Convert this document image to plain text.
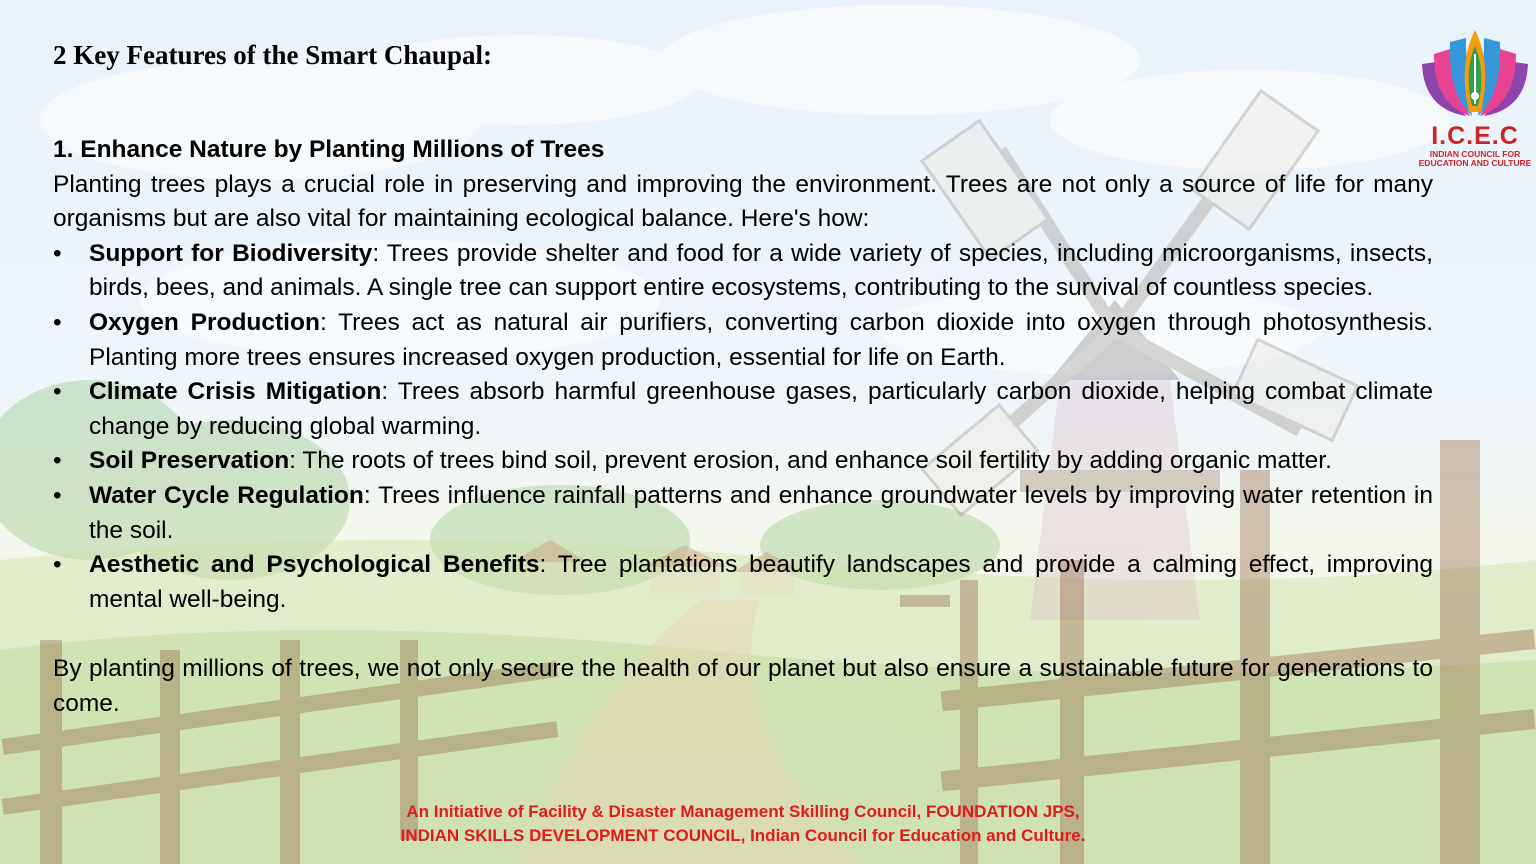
2 Key Features of the Smart Chaupal:
I.C.E.C
INDIAN COUNCIL FOR
EDUCATION AND CULTURE

1. Enhance Nature by Planting Millions of Trees

Planting trees plays a crucial role in preserving and improving the environment. Trees are not only a source of life for many organisms but are also vital for maintaining ecological balance. Here's how:

• Support for Biodiversity: Trees provide shelter and food for a wide variety of species, including microorganisms, insects, birds, bees, and animals. A single tree can support entire ecosystems, contributing to the survival of countless species.
• Oxygen Production: Trees act as natural air purifiers, converting carbon dioxide into oxygen through photosynthesis. Planting more trees ensures increased oxygen production, essential for life on Earth.
• Climate Crisis Mitigation: Trees absorb harmful greenhouse gases, particularly carbon dioxide, helping combat climate change by reducing global warming.
• Soil Preservation: The roots of trees bind soil, prevent erosion, and enhance soil fertility by adding organic matter.
• Water Cycle Regulation: Trees influence rainfall patterns and enhance groundwater levels by improving water retention in the soil.
• Aesthetic and Psychological Benefits: Tree plantations beautify landscapes and provide a calming effect, improving mental well-being.

By planting millions of trees, we not only secure the health of our planet but also ensure a sustainable future for generations to come.

An Initiative of Facility & Disaster Management Skilling Council, FOUNDATION JPS,
INDIAN SKILLS DEVELOPMENT COUNCIL, Indian Council for Education and Culture.
